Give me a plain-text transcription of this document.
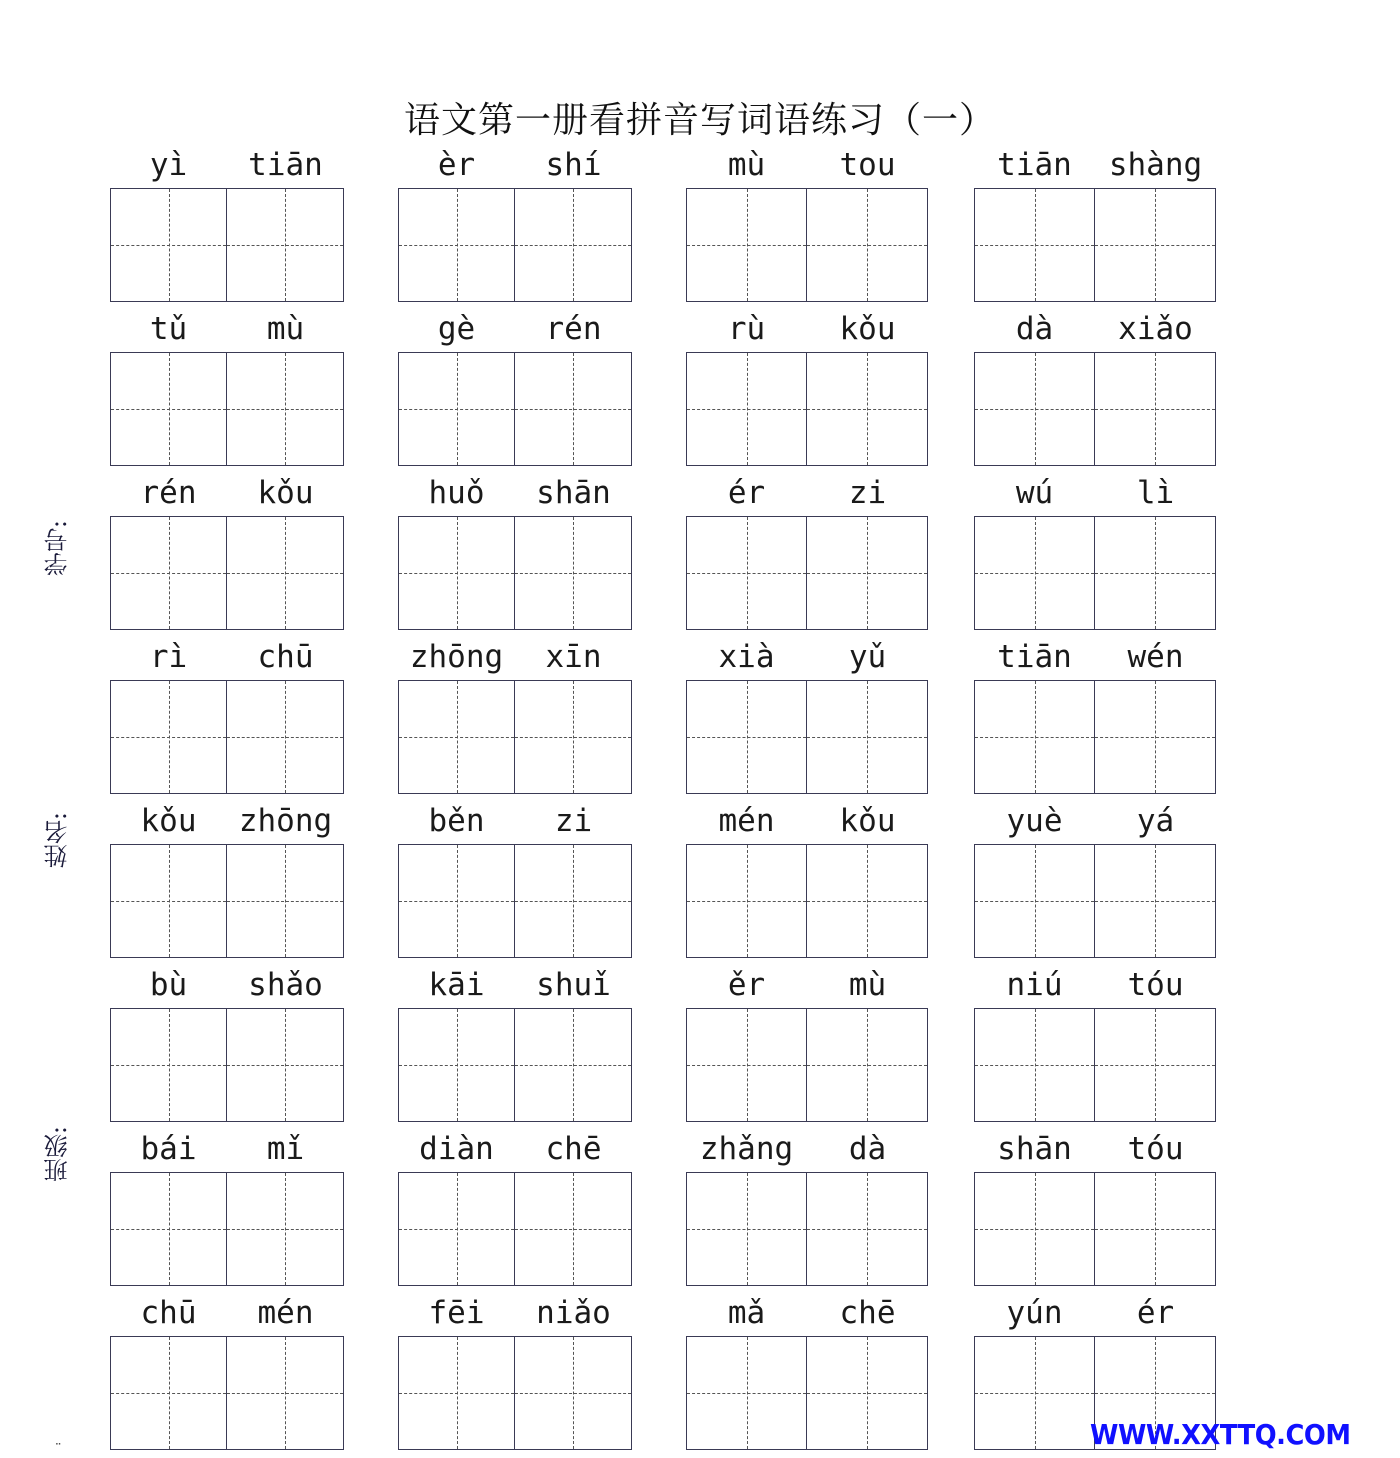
语文第一册看拼音写词语练习（一）
学号:
姓名:
班级:
yì	tiān	èr	shí	mù	tou	tiān	shàng
tǔ	mù	gè	rén	rù	kǒu	dà	xiǎo
rén	kǒu	huǒ	shān	ér	zi	wú	lì
rì	chū	zhōng	xīn	xià	yǔ	tiān	wén
kǒu	zhōng	běn	zi	mén	kǒu	yuè	yá
bù	shǎo	kāi	shuǐ	ěr	mù	niú	tóu
bái	mǐ	diàn	chē	zhǎng	dà	shān	tóu
chū	mén	fēi	niǎo	mǎ	chē	yún	ér
¨	WWW.XXTTQ.COM
